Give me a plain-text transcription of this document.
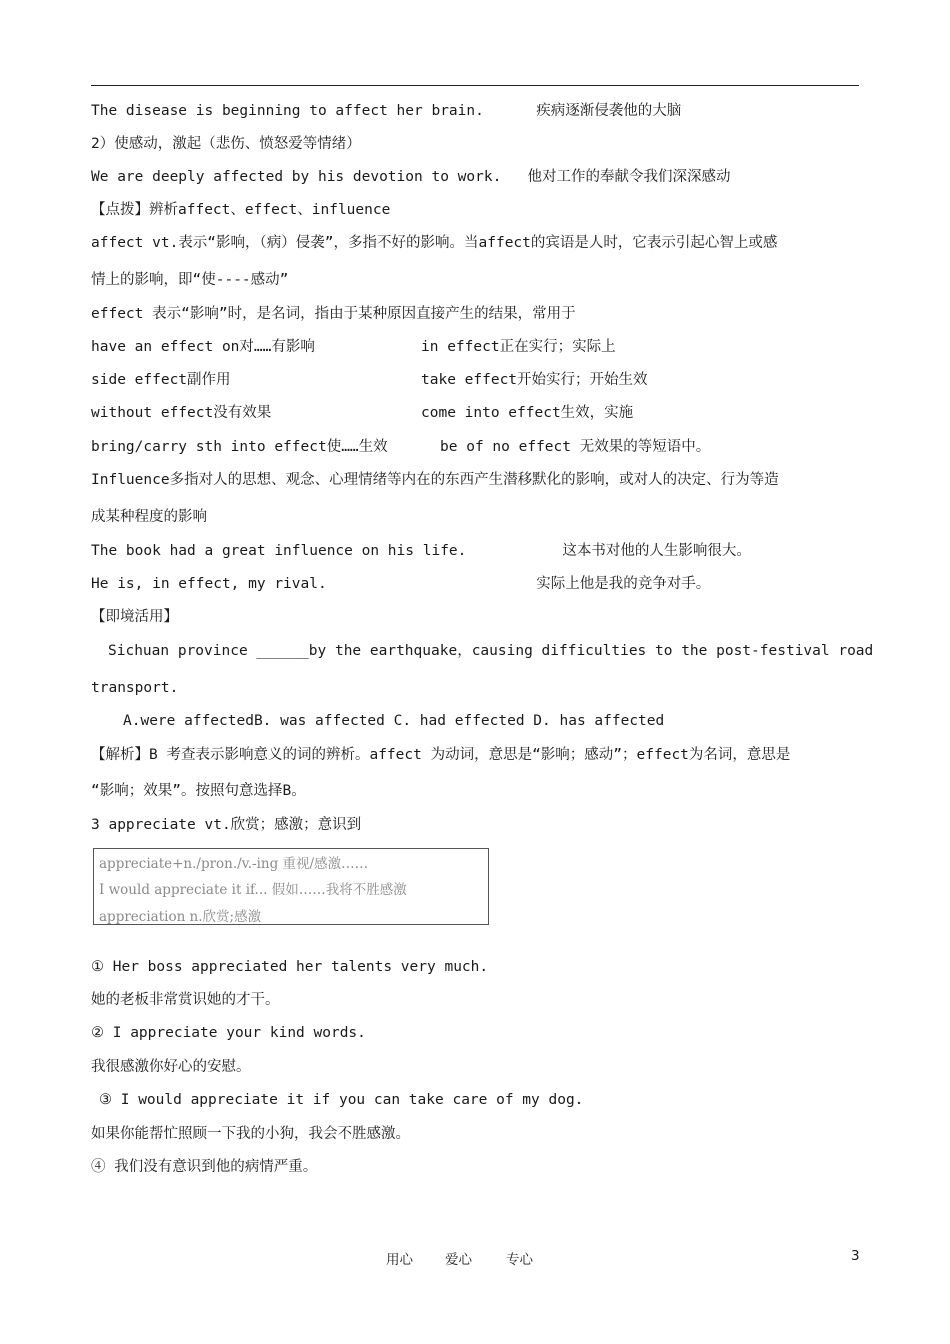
The disease is beginning to affect her brain.      疾病逐渐侵袭他的大脑
2）使感动，激起（悲伤、愤怒爱等情绪）
We are deeply affected by his devotion to work.   他对工作的奉献令我们深深感动
【点拨】辨析affect、effect、influence
affect vt.表示“影响，（病）侵袭”，多指不好的影响。当affect的宾语是人时，它表示引起心智上或感
情上的影响，即“使----感动”
effect 表示“影响”时，是名词，指由于某种原因直接产生的结果，常用于
have an effect on对……有影响	in effect正在实行；实际上
side effect副作用	take effect开始实行；开始生效
without effect没有效果	come into effect生效，实施
bring/carry sth into effect使……生效      be of no effect 无效果的等短语中。
Influence多指对人的思想、观念、心理情绪等内在的东西产生潜移默化的影响，或对人的决定、行为等造
成某种程度的影响
The book had a great influence on his life.           这本书对他的人生影响很大。
He is, in effect, my rival.                        实际上他是我的竞争对手。
【即境活用】
Sichuan province ______by the earthquake，causing difficulties to the post-festival road
transport.
A.were affectedB. was affected C. had effected D. has affected
【解析】B 考查表示影响意义的词的辨析。affect 为动词，意思是“影响；感动”；effect为名词，意思是
“影响；效果”。按照句意选择B。
3 appreciate vt.欣赏；感激；意识到
appreciate+n./pron./v.-ing 重视/感激……
I would appreciate it if... 假如……我将不胜感激
appreciation n.欣赏;感激
① Her boss appreciated her talents very much.
她的老板非常赏识她的才干。
② I appreciate your kind words.
我很感激你好心的安慰。
③ I would appreciate it if you can take care of my dog.
如果你能帮忙照顾一下我的小狗，我会不胜感激。
④ 我们没有意识到他的病情严重。
用心 爱心	专心	3
